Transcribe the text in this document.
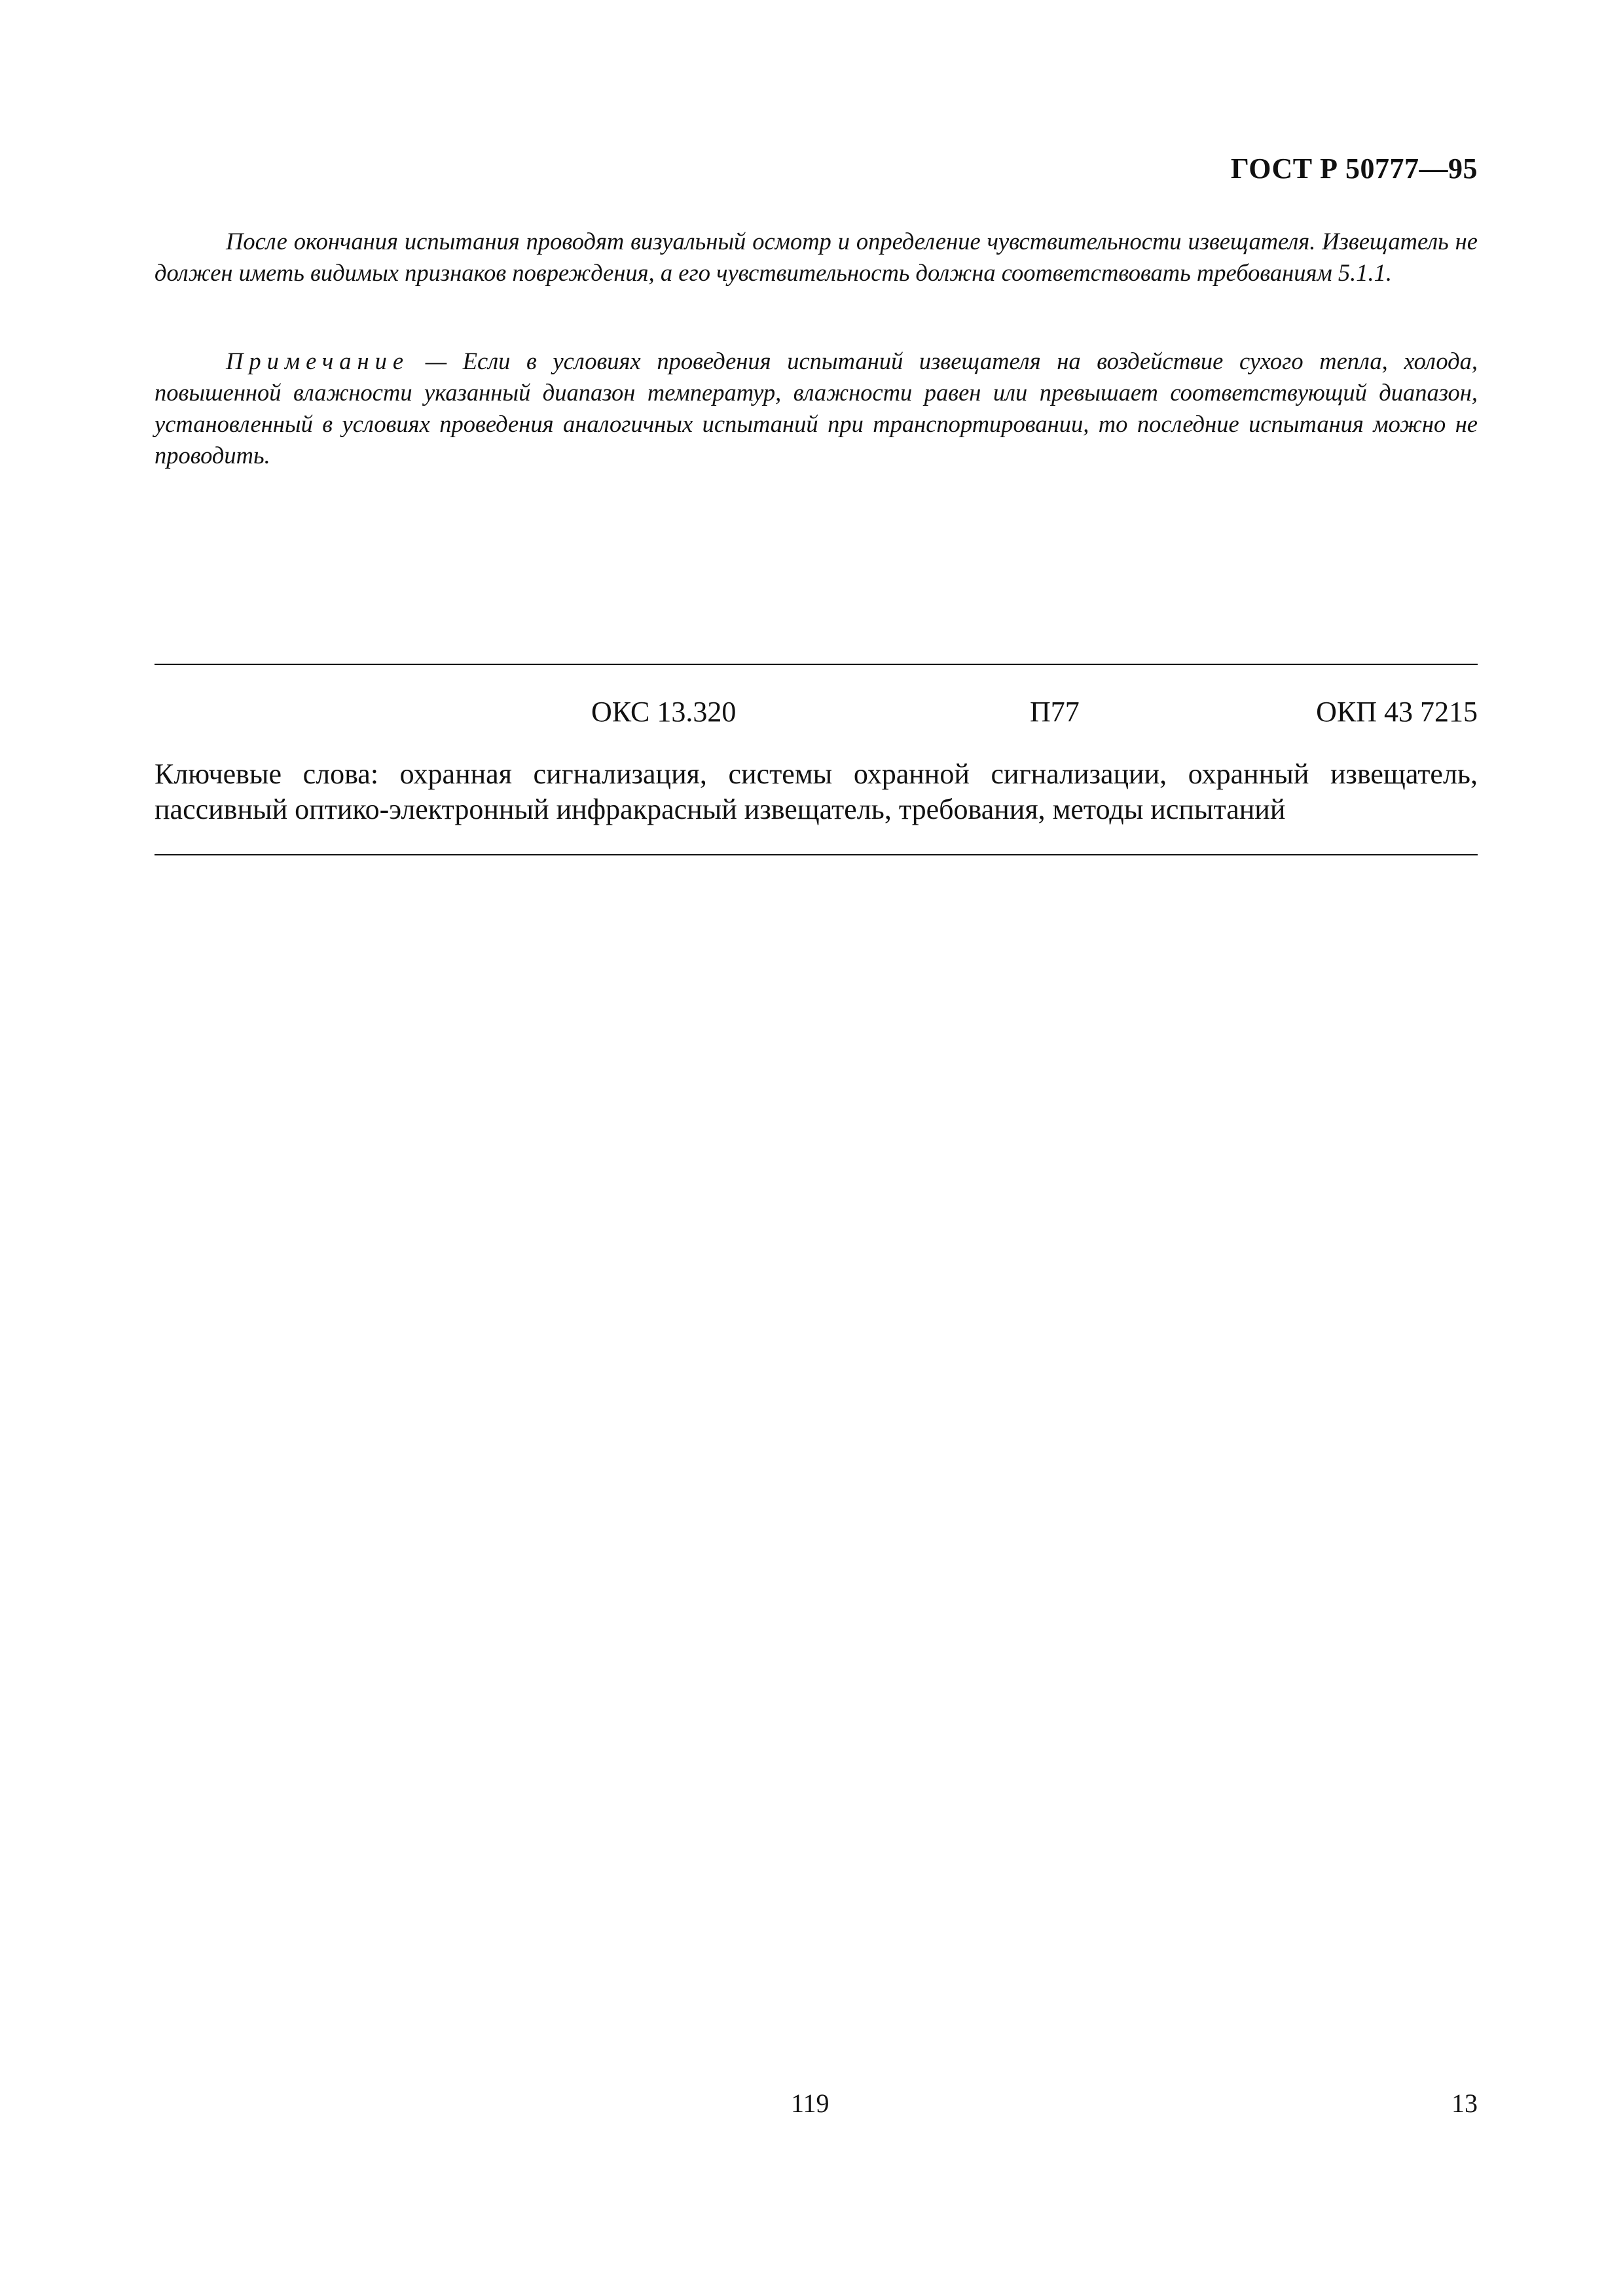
ГОСТ Р 50777—95
После окончания испытания проводят визуальный осмотр и определение чувствительности извещателя. Извещатель не должен иметь видимых признаков повреждения, а его чувствительность должна соответствовать требованиям 5.1.1.
Примечание — Если в условиях проведения испытаний извещателя на воздействие сухого тепла, холода, повышенной влажности указанный диапазон температур, влажности равен или превышает соответствующий диапазон, установленный в условиях проведения аналогичных испытаний при транспортировании, то последние испытания можно не проводить.
ОКС 13.320	П77	ОКП 43 7215
Ключевые слова: охранная сигнализация, системы охранной сигнализации, охранный извещатель,
пассивный оптико-электронный инфракрасный извещатель, требования, методы испытаний
119	13
